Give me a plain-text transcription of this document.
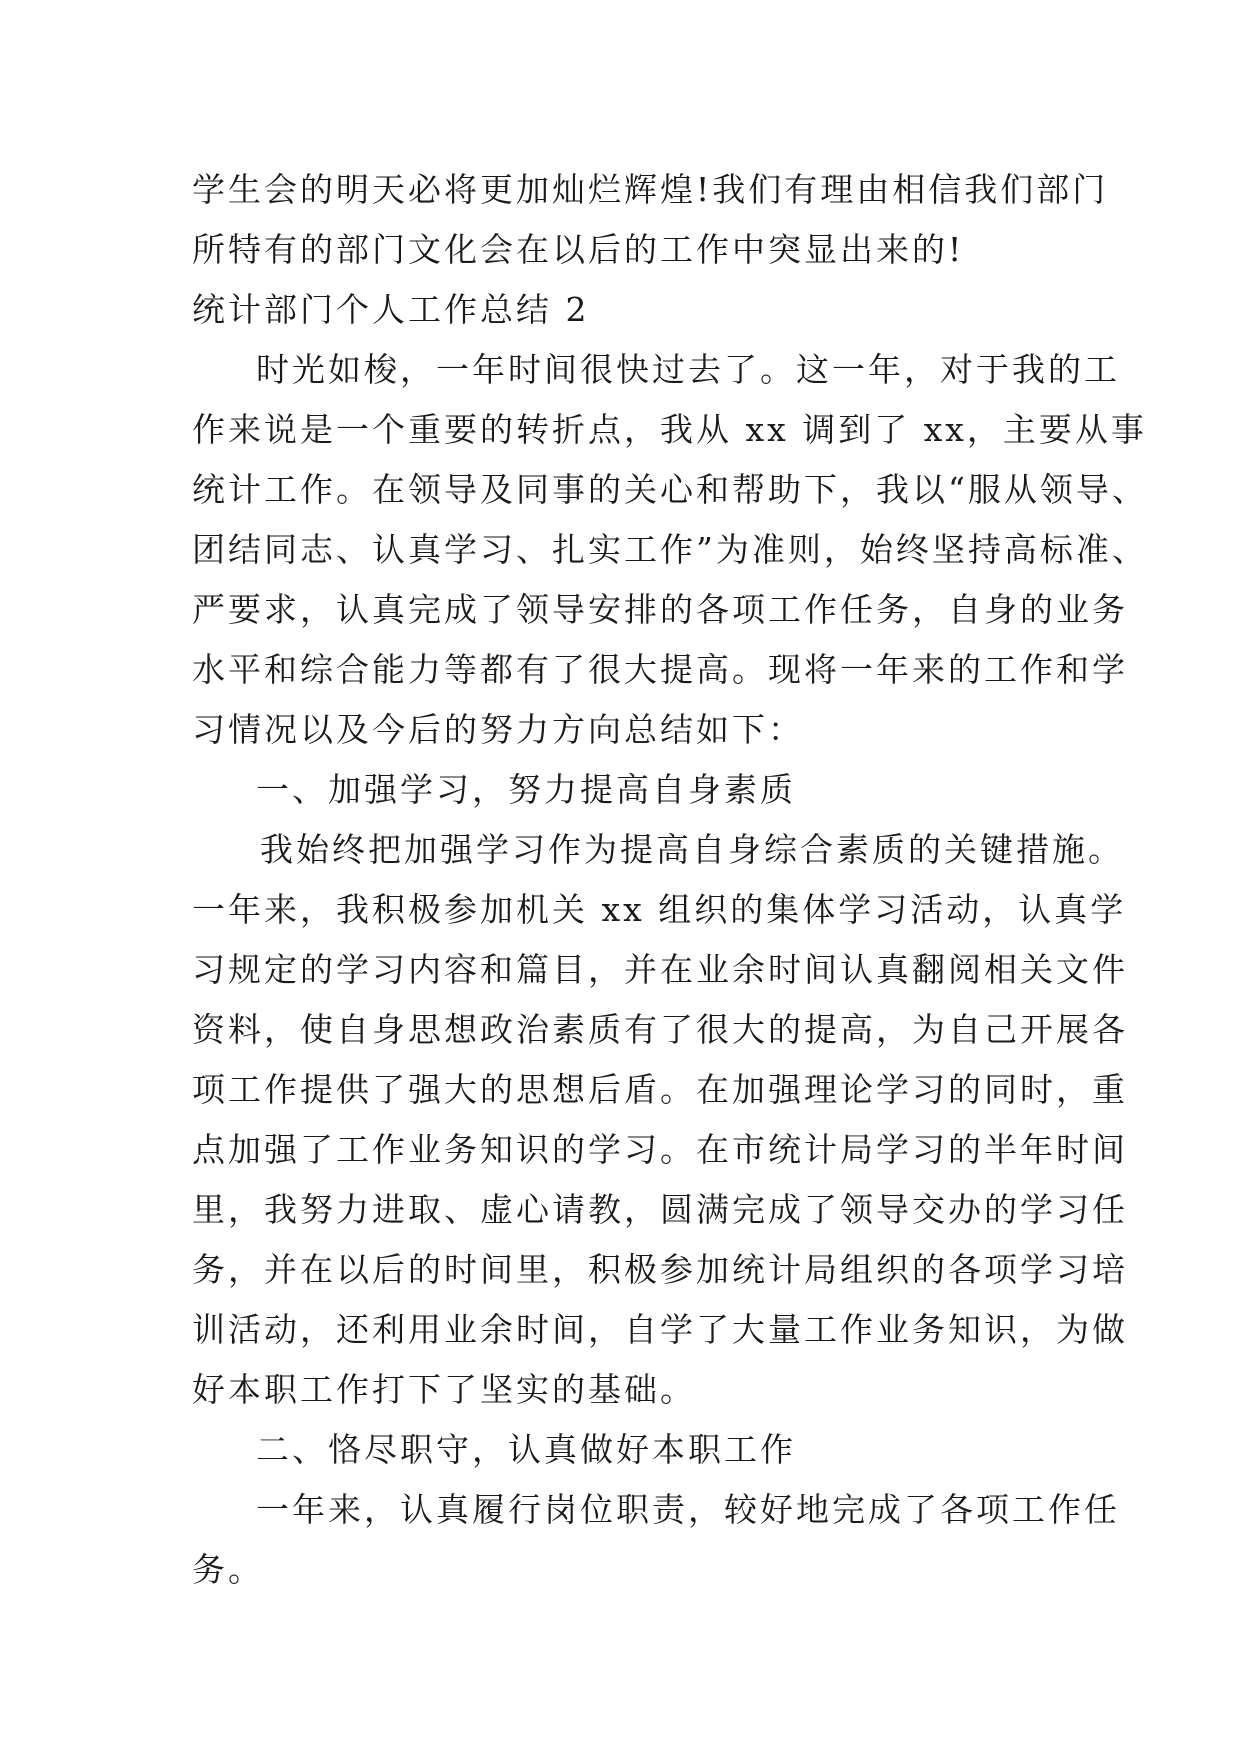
学生会的明天必将更加灿烂辉煌!我们有理由相信我们部门
所特有的部门文化会在以后的工作中突显出来的!
统计部门个人工作总结 2
时光如梭，一年时间很快过去了。这一年，对于我的工
作来说是一个重要的转折点，我从 xx 调到了 xx，主要从事
统计工作。在领导及同事的关心和帮助下，我以“服从领导、
团结同志、认真学习、扎实工作”为准则，始终坚持高标准、
严要求，认真完成了领导安排的各项工作任务，自身的业务
水平和综合能力等都有了很大提高。现将一年来的工作和学
习情况以及今后的努力方向总结如下：
一、加强学习，努力提高自身素质
我始终把加强学习作为提高自身综合素质的关键措施。
一年来，我积极参加机关 xx 组织的集体学习活动，认真学
习规定的学习内容和篇目，并在业余时间认真翻阅相关文件
资料，使自身思想政治素质有了很大的提高，为自己开展各
项工作提供了强大的思想后盾。在加强理论学习的同时，重
点加强了工作业务知识的学习。在市统计局学习的半年时间
里，我努力进取、虚心请教，圆满完成了领导交办的学习任
务，并在以后的时间里，积极参加统计局组织的各项学习培
训活动，还利用业余时间，自学了大量工作业务知识，为做
好本职工作打下了坚实的基础。
二、恪尽职守，认真做好本职工作
一年来，认真履行岗位职责，较好地完成了各项工作任
务。
